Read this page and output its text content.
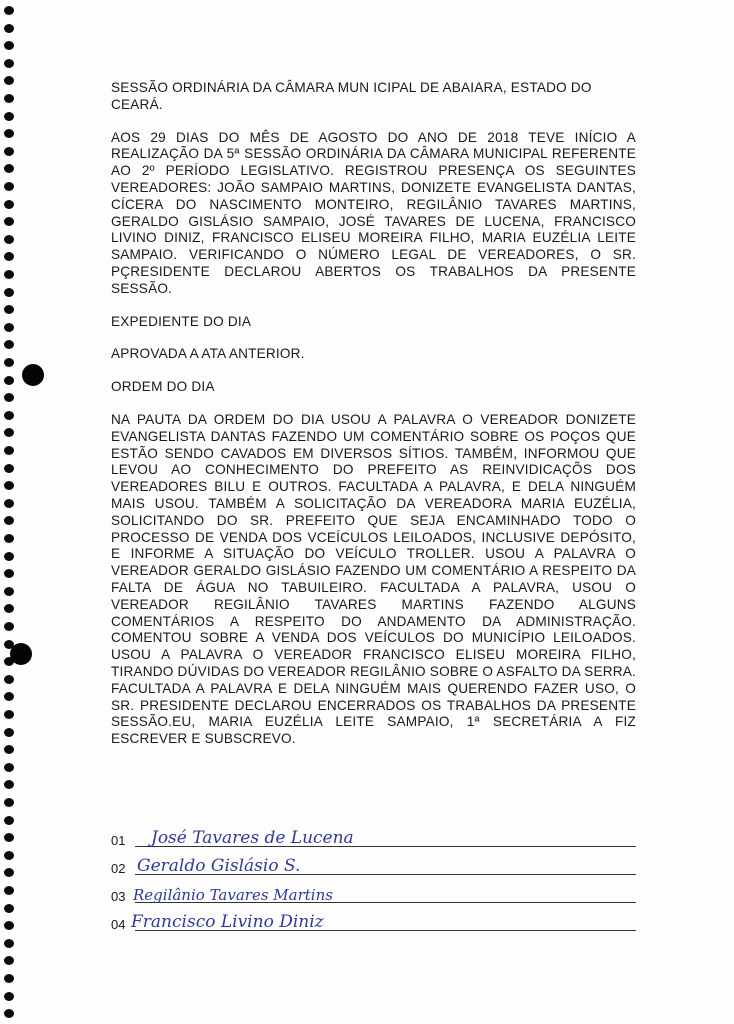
SESSÃO ORDINÁRIA DA CÂMARA MUN ICIPAL DE ABAIARA, ESTADO DO CEARÁ.

AOS 29 DIAS DO MÊS DE AGOSTO DO ANO DE 2018 TEVE INÍCIO A REALIZAÇÃO DA 5ª SESSÃO ORDINÁRIA DA CÂMARA MUNICIPAL REFERENTE AO 2º PERÍODO LEGISLATIVO. REGISTROU PRESENÇA OS SEGUINTES VEREADORES: JOÃO SAMPAIO MARTINS, DONIZETE EVANGELISTA DANTAS, CÍCERA DO NASCIMENTO MONTEIRO, REGILÂNIO TAVARES MARTINS, GERALDO GISLÁSIO SAMPAIO, JOSÉ TAVARES DE LUCENA, FRANCISCO LIVINO DINIZ, FRANCISCO ELISEU MOREIRA FILHO, MARIA EUZÉLIA LEITE SAMPAIO. VERIFICANDO O NÚMERO LEGAL DE VEREADORES, O SR. PÇRESIDENTE DECLAROU ABERTOS OS TRABALHOS DA PRESENTE SESSÃO.

EXPEDIENTE DO DIA

APROVADA A ATA ANTERIOR.

ORDEM DO DIA

NA PAUTA DA ORDEM DO DIA USOU A PALAVRA O VEREADOR DONIZETE EVANGELISTA DANTAS FAZENDO UM COMENTÁRIO SOBRE OS POÇOS QUE ESTÃO SENDO CAVADOS EM DIVERSOS SÍTIOS. TAMBÉM, INFORMOU QUE LEVOU AO CONHECIMENTO DO PREFEITO AS REINVIDICAÇÕS DOS VEREADORES BILU E OUTROS. FACULTADA A PALAVRA, E DELA NINGUÉM MAIS USOU. TAMBÉM A SOLICITAÇÃO DA VEREADORA MARIA EUZÉLIA, SOLICITANDO DO SR. PREFEITO QUE SEJA ENCAMINHADO TODO O PROCESSO DE VENDA DOS VCEÍCULOS LEILOADOS, INCLUSIVE DEPÓSITO, E INFORME A SITUAÇÃO DO VEÍCULO TROLLER. USOU A PALAVRA O VEREADOR GERALDO GISLÁSIO FAZENDO UM COMENTÁRIO A RESPEITO DA FALTA DE ÁGUA NO TABUILEIRO. FACULTADA A PALAVRA, USOU O VEREADOR REGILÂNIO TAVARES MARTINS FAZENDO ALGUNS COMENTÁRIOS A RESPEITO DO ANDAMENTO DA ADMINISTRAÇÃO. COMENTOU SOBRE A VENDA DOS VEÍCULOS DO MUNICÍPIO LEILOADOS. USOU A PALAVRA O VEREADOR FRANCISCO ELISEU MOREIRA FILHO, TIRANDO DÚVIDAS DO VEREADOR REGILÂNIO SOBRE O ASFALTO DA SERRA. FACULTADA A PALAVRA E DELA NINGUÉM MAIS QUERENDO FAZER USO, O SR. PRESIDENTE DECLAROU ENCERRADOS OS TRABALHOS DA PRESENTE SESSÃO.EU, MARIA EUZÉLIA LEITE SAMPAIO, 1ª SECRETÁRIA A FIZ ESCREVER E SUBSCREVO.

01 José Tavares de Lucena
02 Geraldo Gislásio S.
03 Regilânio Tavares Martins
04 Francisco Livino Diniz
